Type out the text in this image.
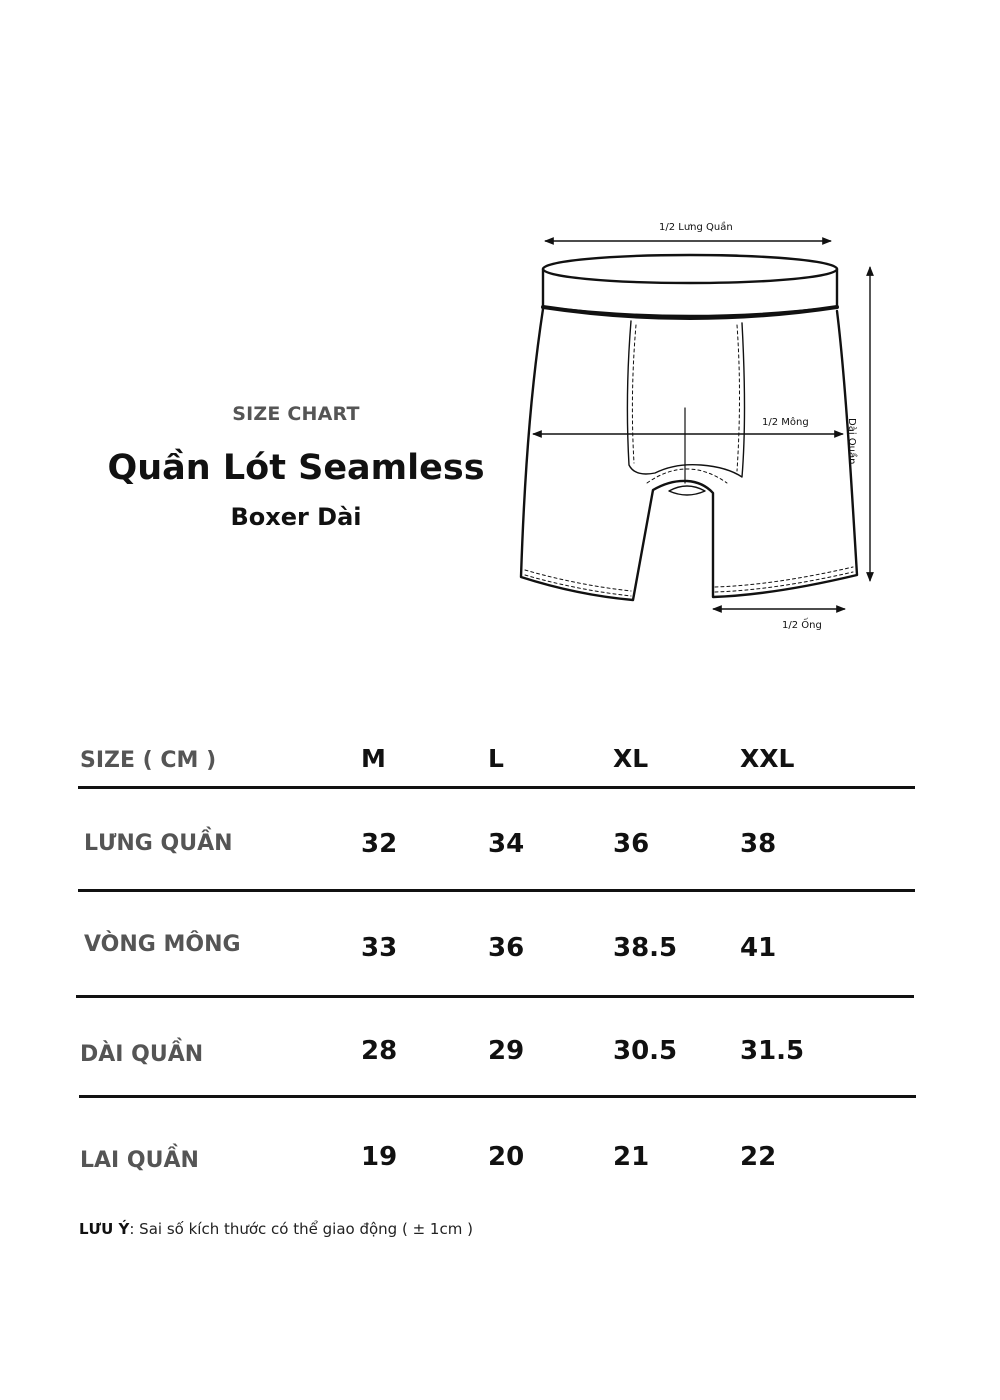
SIZE CHART
Quần Lót Seamless
Boxer Dài
1/2 Lưng Quần
1/2 Mông	Dài Quần
1/2 Ống
SIZE ( CM )	M	L	XL	XXL
LƯNG QUẦN	32	34	36	38
VÒNG MÔNG	33	36	38.5 41
DÀI QUẦN	28	29	30.5 31.5
LAI QUẦN	19	20	21	22
LƯU Ý: Sai số kích thước có thể giao động ( ± 1cm )
